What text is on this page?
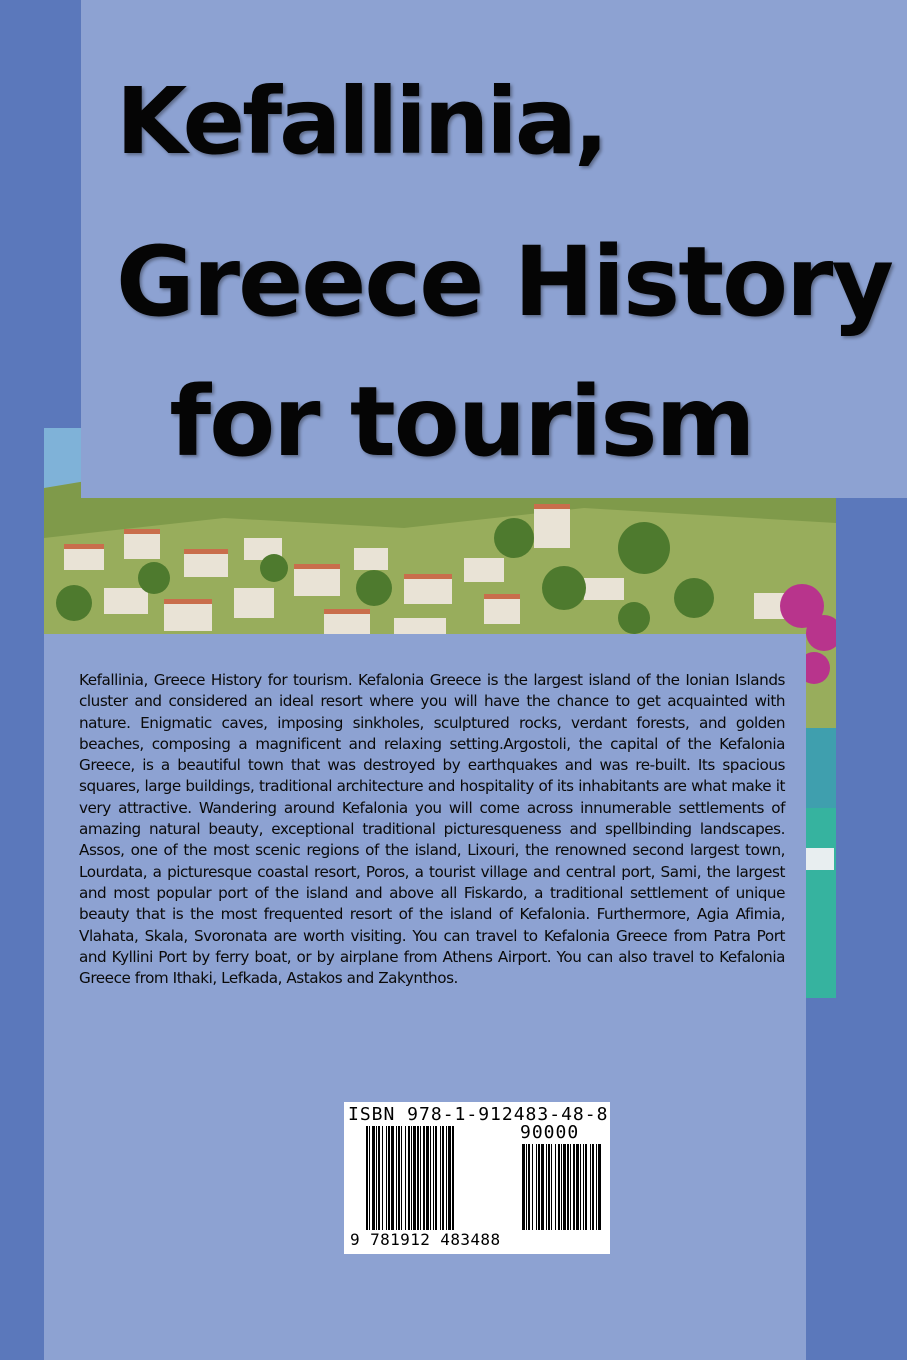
Kefallinia,
Greece History
for tourism

Kefallinia, Greece History for tourism. Kefalonia Greece is the largest island of the Ionian Islands cluster and considered an ideal resort where you will have the chance to get acquainted with nature. Enigmatic caves, imposing sinkholes, sculptured rocks, verdant forests, and golden beaches, composing a magnificent and relaxing setting.Argostoli, the capital of the Kefalonia Greece, is a beautiful town that was destroyed by earthquakes and was re-built. Its spacious squares, large buildings, traditional architecture and hospitality of its inhabitants are what make it very attractive. Wandering around Kefalonia you will come across innumerable settlements of amazing natural beauty, exceptional traditional picturesqueness and spellbinding landscapes. Assos, one of the most scenic regions of the island, Lixouri, the renowned second largest town, Lourdata, a picturesque coastal resort, Poros, a tourist village and central port, Sami, the largest and most popular port of the island and above all Fiskardo, a traditional settlement of unique beauty that is the most frequented resort of the island of Kefalonia. Furthermore, Agia Afimia, Vlahata, Skala, Svoronata are worth visiting. You can travel to Kefalonia Greece from Patra Port and Kyllini Port by ferry boat, or by airplane from Athens Airport. You can also travel to Kefalonia Greece from Ithaki, Lefkada, Astakos and Zakynthos.

ISBN 978-1-912483-48-8
90000
9 781912 483488
